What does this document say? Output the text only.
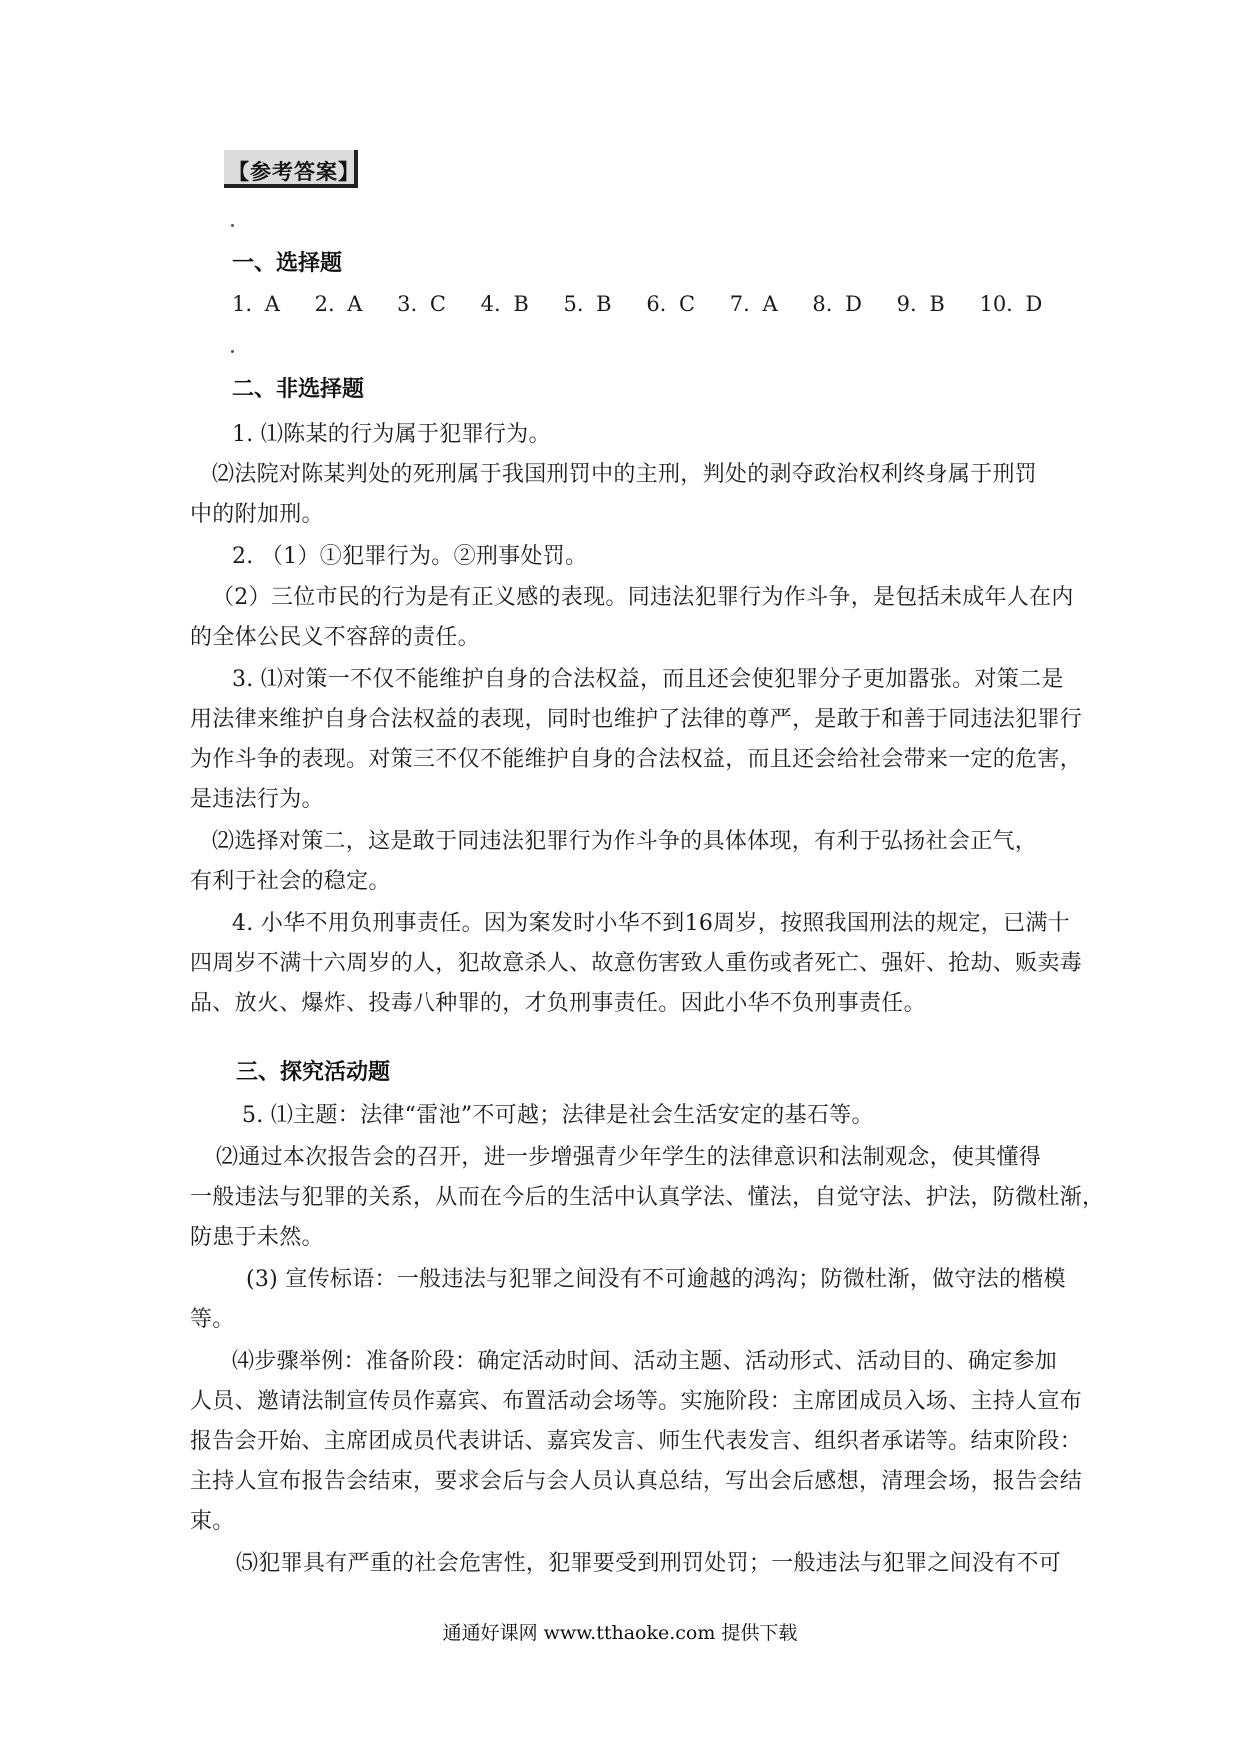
【参考答案】
一、选择题
1. A 2. A 3. C 4. B 5. B 6. C 7. A 8. D 9. B 10. D
二、非选择题
1. ⑴陈某的行为属于犯罪行为。
⑵法院对陈某判处的死刑属于我国刑罚中的主刑，判处的剥夺政治权利终身属于刑罚
中的附加刑。
2. （1）①犯罪行为。②刑事处罚。
（2）三位市民的行为是有正义感的表现。同违法犯罪行为作斗争，是包括未成年人在内
的全体公民义不容辞的责任。
3. ⑴对策一不仅不能维护自身的合法权益，而且还会使犯罪分子更加嚣张。对策二是
用法律来维护自身合法权益的表现，同时也维护了法律的尊严，是敢于和善于同违法犯罪行
为作斗争的表现。对策三不仅不能维护自身的合法权益，而且还会给社会带来一定的危害，
是违法行为。
⑵选择对策二，这是敢于同违法犯罪行为作斗争的具体体现，有利于弘扬社会正气，
有利于社会的稳定。
4. 小华不用负刑事责任。因为案发时小华不到16周岁，按照我国刑法的规定，已满十
四周岁不满十六周岁的人，犯故意杀人、故意伤害致人重伤或者死亡、强奸、抢劫、贩卖毒
品、放火、爆炸、投毒八种罪的，才负刑事责任。因此小华不负刑事责任。
三、探究活动题
5. ⑴主题：法律“雷池”不可越；法律是社会生活安定的基石等。
⑵通过本次报告会的召开，进一步增强青少年学生的法律意识和法制观念，使其懂得
一般违法与犯罪的关系，从而在今后的生活中认真学法、懂法，自觉守法、护法，防微杜渐，
防患于未然。
(3) 宣传标语：一般违法与犯罪之间没有不可逾越的鸿沟；防微杜渐，做守法的楷模
等。
⑷步骤举例：准备阶段：确定活动时间、活动主题、活动形式、活动目的、确定参加
人员、邀请法制宣传员作嘉宾、布置活动会场等。实施阶段：主席团成员入场、主持人宣布
报告会开始、主席团成员代表讲话、嘉宾发言、师生代表发言、组织者承诺等。结束阶段：
主持人宣布报告会结束，要求会后与会人员认真总结，写出会后感想，清理会场，报告会结
束。
⑸犯罪具有严重的社会危害性，犯罪要受到刑罚处罚；一般违法与犯罪之间没有不可
通通好课网 www.tthaoke.com 提供下载
